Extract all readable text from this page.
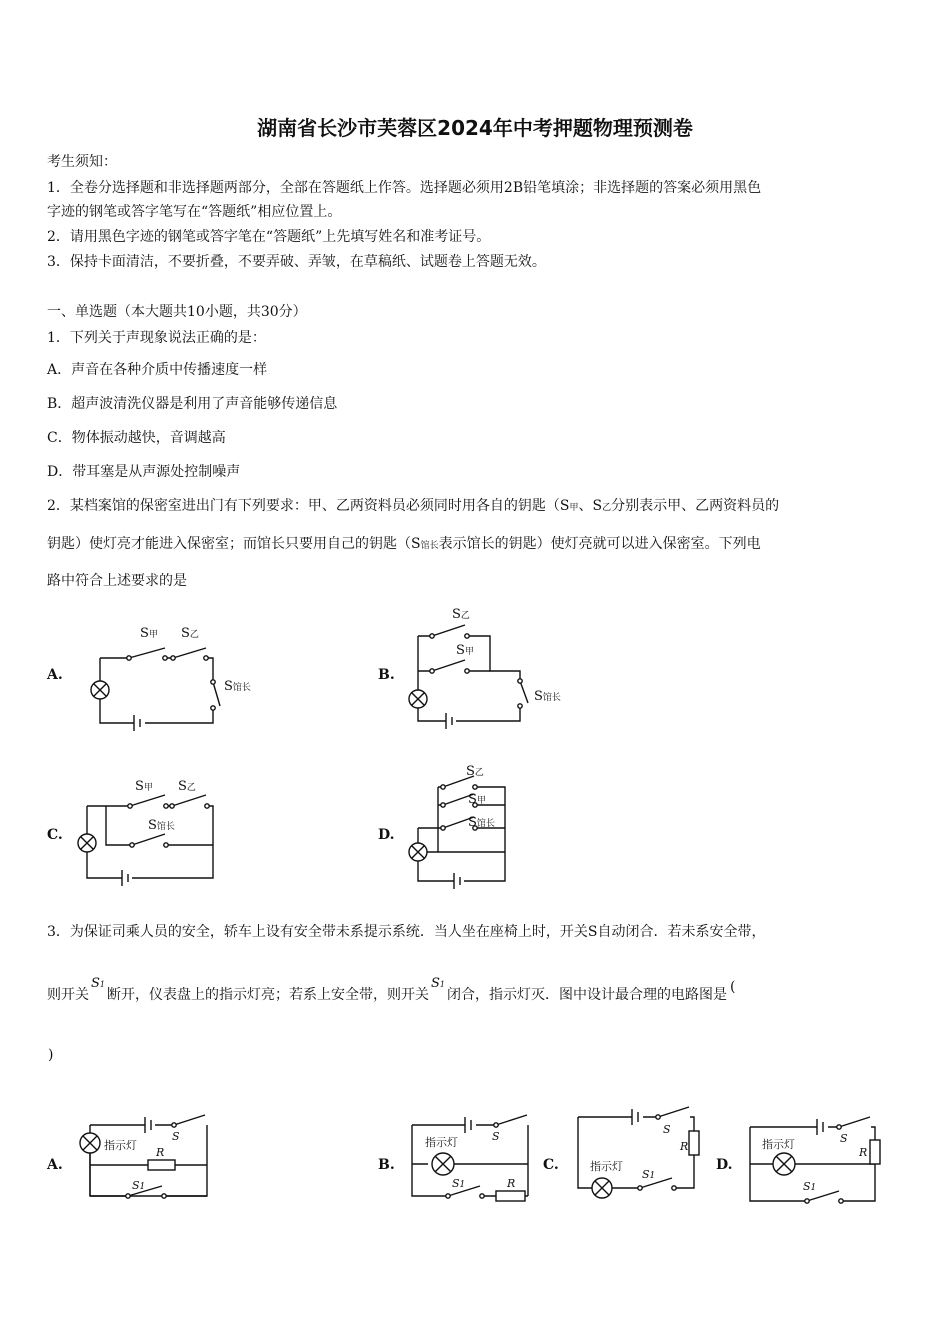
湖南省长沙市芙蓉区2024年中考押题物理预测卷
考生须知：
1．全卷分选择题和非选择题两部分，全部在答题纸上作答。选择题必须用2B铅笔填涂；非选择题的答案必须用黑色
字迹的钢笔或答字笔写在“答题纸”相应位置上。
2．请用黑色字迹的钢笔或答字笔在“答题纸”上先填写姓名和准考证号。
3．保持卡面清洁，不要折叠，不要弄破、弄皱，在草稿纸、试题卷上答题无效。
一、单选题（本大题共10小题，共30分）
1．下列关于声现象说法正确的是：
A．声音在各种介质中传播速度一样
B．超声波清洗仪器是利用了声音能够传递信息
C．物体振动越快，音调越高
D．带耳塞是从声源处控制噪声
2．某档案馆的保密室进出门有下列要求：甲、乙两资料员必须同时用各自的钥匙（S甲、S乙分别表示甲、乙两资料员的
钥匙）使灯亮才能进入保密室；而馆长只要用自己的钥匙（S馆长表示馆长的钥匙）使灯亮就可以进入保密室。下列电
路中符合上述要求的是
A.	B.
C.	D.
S甲 S乙
S馆长
S乙
S甲
S馆长
S甲 S乙
S馆长
S乙
S甲
S馆长
3．为保证司乘人员的安全，轿车上设有安全带未系提示系统．当人坐在座椅上时，开关S自动闭合．若未系安全带，
则开关S1断开，仪表盘上的指示灯亮；若系上安全带，则开关S1闭合，指示灯灭．图中设计最合理的电路图是 (
)
A.	B.	C.	D.
指示灯
S
R
S1
指示灯	S
R
S1
指示灯
S
R
S1
指示灯	S
R
S1
